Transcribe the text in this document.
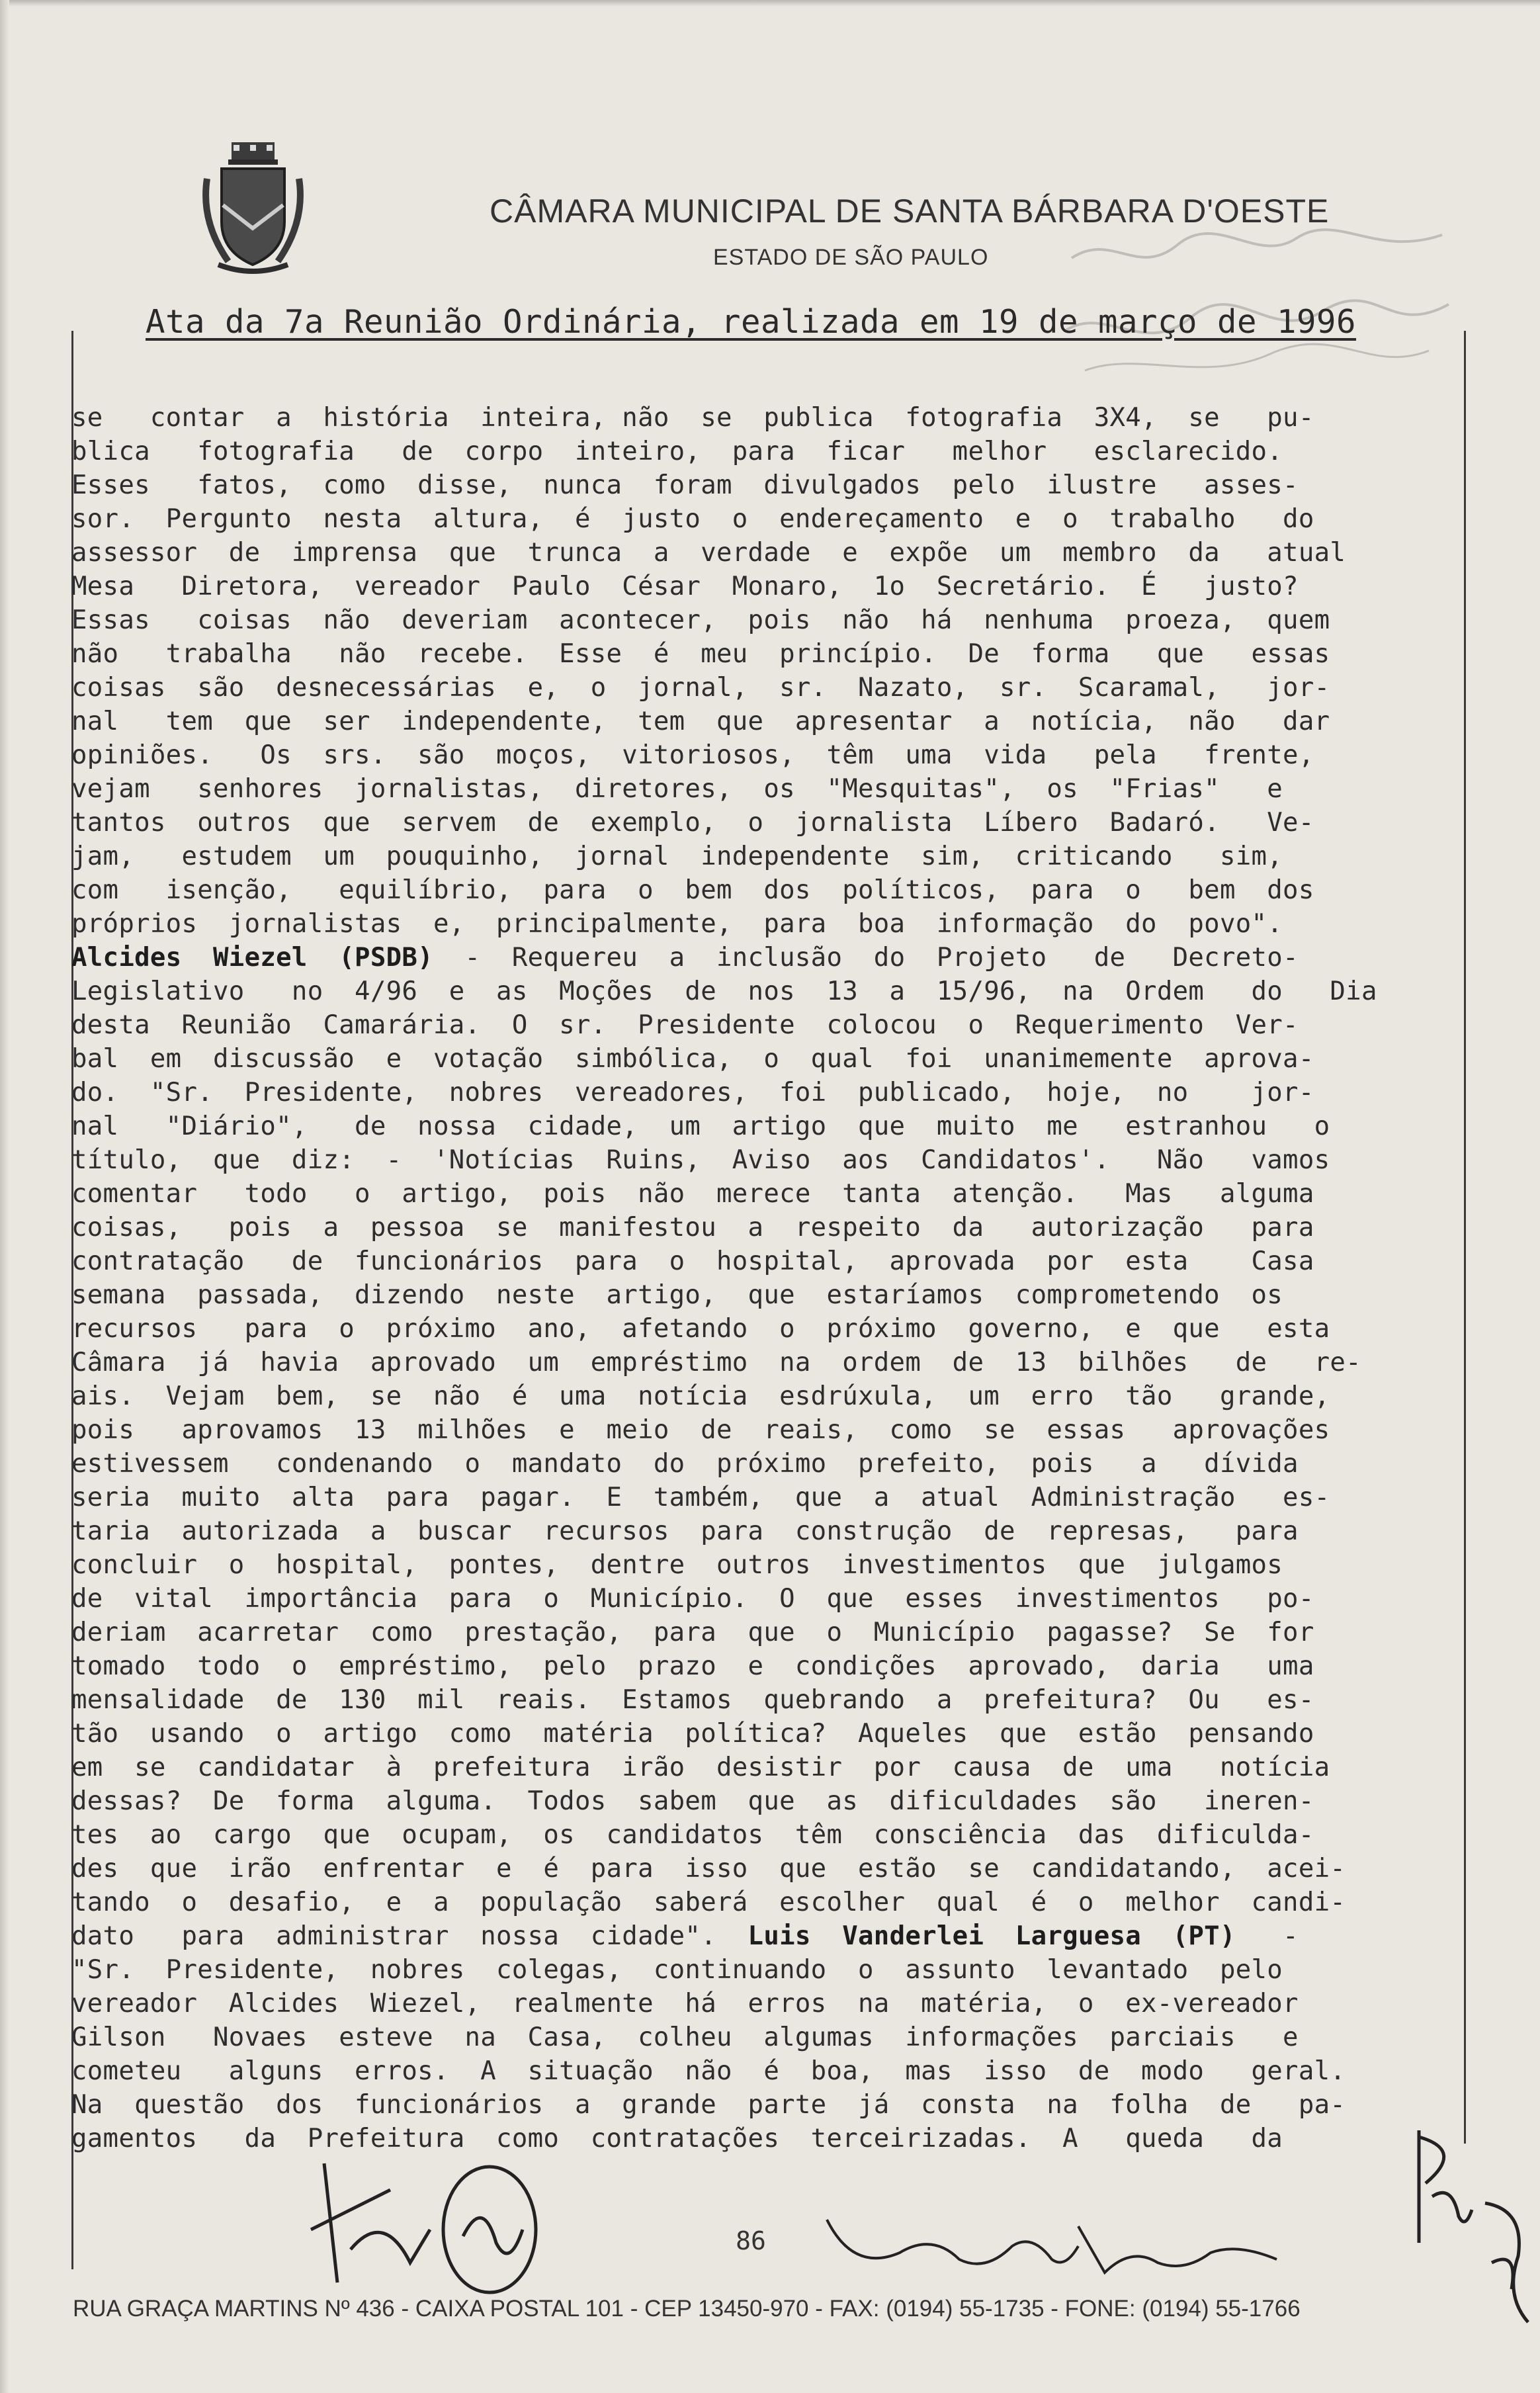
CÂMARA MUNICIPAL DE SANTA BÁRBARA D'OESTE
ESTADO DE SÃO PAULO
Ata da 7a Reunião Ordinária, realizada em 19 de março de 1996
se   contar  a  história  inteira, não  se  publica  fotografia  3X4,  se   pu-
blica   fotografia   de  corpo  inteiro,  para  ficar   melhor   esclarecido.
Esses   fatos,  como  disse,  nunca  foram  divulgados  pelo  ilustre   asses-
sor.  Pergunto  nesta  altura,  é  justo  o  endereçamento  e  o  trabalho   do
assessor  de  imprensa  que  trunca  a  verdade  e  expõe  um  membro  da   atual
Mesa   Diretora,  vereador  Paulo  César  Monaro,  1o  Secretário.  É   justo?
Essas   coisas  não  deveriam  acontecer,  pois  não  há  nenhuma  proeza,  quem
não   trabalha   não  recebe.  Esse  é  meu  princípio.  De  forma   que   essas
coisas  são  desnecessárias  e,  o  jornal,  sr.  Nazato,  sr.  Scaramal,   jor-
nal   tem  que  ser  independente,  tem  que  apresentar  a  notícia,  não   dar
opiniões.   Os  srs.  são  moços,  vitoriosos,  têm  uma  vida   pela   frente,
vejam   senhores  jornalistas,  diretores,  os  "Mesquitas",  os  "Frias"   e
tantos  outros  que  servem  de  exemplo,  o  jornalista  Líbero  Badaró.   Ve-
jam,   estudem  um  pouquinho,  jornal  independente  sim,  criticando   sim,
com   isenção,   equilíbrio,  para  o  bem  dos  políticos,  para  o   bem  dos
próprios  jornalistas  e,  principalmente,  para  boa  informação  do  povo".
Alcides  Wiezel  (PSDB)  -  Requereu  a  inclusão  do  Projeto   de   Decreto-
Legislativo   no  4/96  e  as  Moções  de  nos  13  a  15/96,  na  Ordem   do   Dia
desta  Reunião  Camarária.  O  sr.  Presidente  colocou  o  Requerimento  Ver-
bal  em  discussão  e  votação  simbólica,  o  qual  foi  unanimemente  aprova-
do.  "Sr.  Presidente,  nobres  vereadores,  foi  publicado,  hoje,  no    jor-
nal   "Diário",   de  nossa  cidade,  um  artigo  que  muito  me   estranhou   o
título,  que  diz:  -  'Notícias  Ruins,  Aviso  aos  Candidatos'.   Não   vamos
comentar   todo   o  artigo,  pois  não  merece  tanta  atenção.   Mas   alguma
coisas,   pois  a  pessoa  se  manifestou  a  respeito  da   autorização   para
contratação   de  funcionários  para  o  hospital,  aprovada  por  esta    Casa
semana  passada,  dizendo  neste  artigo,  que  estaríamos  comprometendo  os
recursos   para  o  próximo  ano,  afetando  o  próximo  governo,  e  que   esta
Câmara  já  havia  aprovado  um  empréstimo  na  ordem  de  13  bilhões   de   re-
ais.  Vejam  bem,  se  não  é  uma  notícia  esdrúxula,  um  erro  tão   grande,
pois   aprovamos  13  milhões  e  meio  de  reais,  como  se  essas   aprovações
estivessem   condenando  o  mandato  do  próximo  prefeito,  pois   a   dívida
seria  muito  alta  para  pagar.  E  também,  que  a  atual  Administração   es-
taria  autorizada  a  buscar  recursos  para  construção  de  represas,   para
concluir  o  hospital,  pontes,  dentre  outros  investimentos  que  julgamos
de  vital  importância  para  o  Município.  O  que  esses  investimentos   po-
deriam  acarretar  como  prestação,  para  que  o  Município  pagasse?  Se  for
tomado  todo  o  empréstimo,  pelo  prazo  e  condições  aprovado,  daria   uma
mensalidade  de  130  mil  reais.  Estamos  quebrando  a  prefeitura?  Ou   es-
tão  usando  o  artigo  como  matéria  política?  Aqueles  que  estão  pensando
em  se  candidatar  à  prefeitura  irão  desistir  por  causa  de  uma   notícia
dessas?  De  forma  alguma.  Todos  sabem  que  as  dificuldades  são   ineren-
tes  ao  cargo  que  ocupam,  os  candidatos  têm  consciência  das  dificulda-
des  que  irão  enfrentar  e  é  para  isso  que  estão  se  candidatando,  acei-
tando  o  desafio,  e  a  população  saberá  escolher  qual  é  o  melhor  candi-
dato   para  administrar  nossa  cidade".  Luis  Vanderlei  Larguesa  (PT)   -
"Sr.  Presidente,  nobres  colegas,  continuando  o  assunto  levantado  pelo
vereador  Alcides  Wiezel,  realmente  há  erros  na  matéria,  o  ex-vereador
Gilson   Novaes  esteve  na  Casa,  colheu  algumas  informações  parciais   e
cometeu   alguns  erros.  A  situação  não  é  boa,  mas  isso  de  modo   geral.
Na  questão  dos  funcionários  a  grande  parte  já  consta  na  folha  de   pa-
gamentos   da  Prefeitura  como  contratações  terceirizadas.  A   queda   da
86
RUA GRAÇA MARTINS Nº 436 - CAIXA POSTAL 101 - CEP 13450-970 - FAX: (0194) 55-1735 - FONE: (0194) 55-1766
